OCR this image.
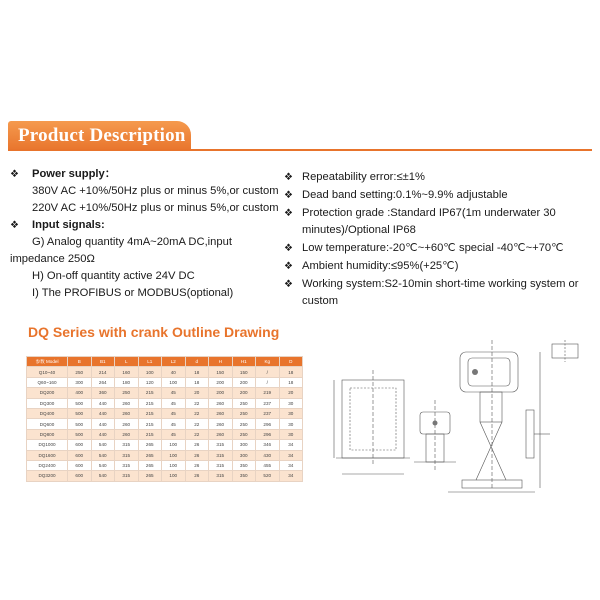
Product Description
❖ Power supply：
380V AC +10%/50Hz plus or minus 5%,or custom
220V AC +10%/50Hz plus or minus 5%,or custom
❖ Input signals:
G) Analog quantity 4mA~20mA DC,input
impedance 250Ω
H) On-off quantity active 24V DC
I) The PROFIBUS or MODBUS(optional)
❖ Repeatability error:≤±1%
❖ Dead band setting:0.1%~9.9% adjustable
❖ Protection grade :Standard IP67(1m underwater 30
minutes)/Optional IP68
❖ Low temperature:-20℃~+60℃ special -40℃~+70℃
❖ Ambient humidity:≤95%(+25℃)
❖ Working system:S2-10min short-time working system or
custom
DQ Series with crank Outline Drawing
参数 Model	B	B1	L	L1	L2	d	H	H1	Kg	D
Q10~40	250	214	160	100	40	18	150	150	/	18
Q60~160	300	264	180	120	100	18	200	200	/	18
DQ200	400	360	250	215	45	20	200	200	219	20
DQ300	500	440	260	215	45	22	260	250	237	30
DQ400	500	440	260	215	45	22	260	250	237	30
DQ600	500	440	260	215	45	22	260	250	296	30
DQ800	500	440	260	215	45	22	260	250	296	30
DQ1000	600	540	315	265	100	26	315	300	346	34
DQ1600	600	540	315	265	100	26	315	300	430	34
DQ2400	600	540	315	265	100	26	315	350	455	34
DQ3200	600	540	315	265	100	26	315	350	520	34
